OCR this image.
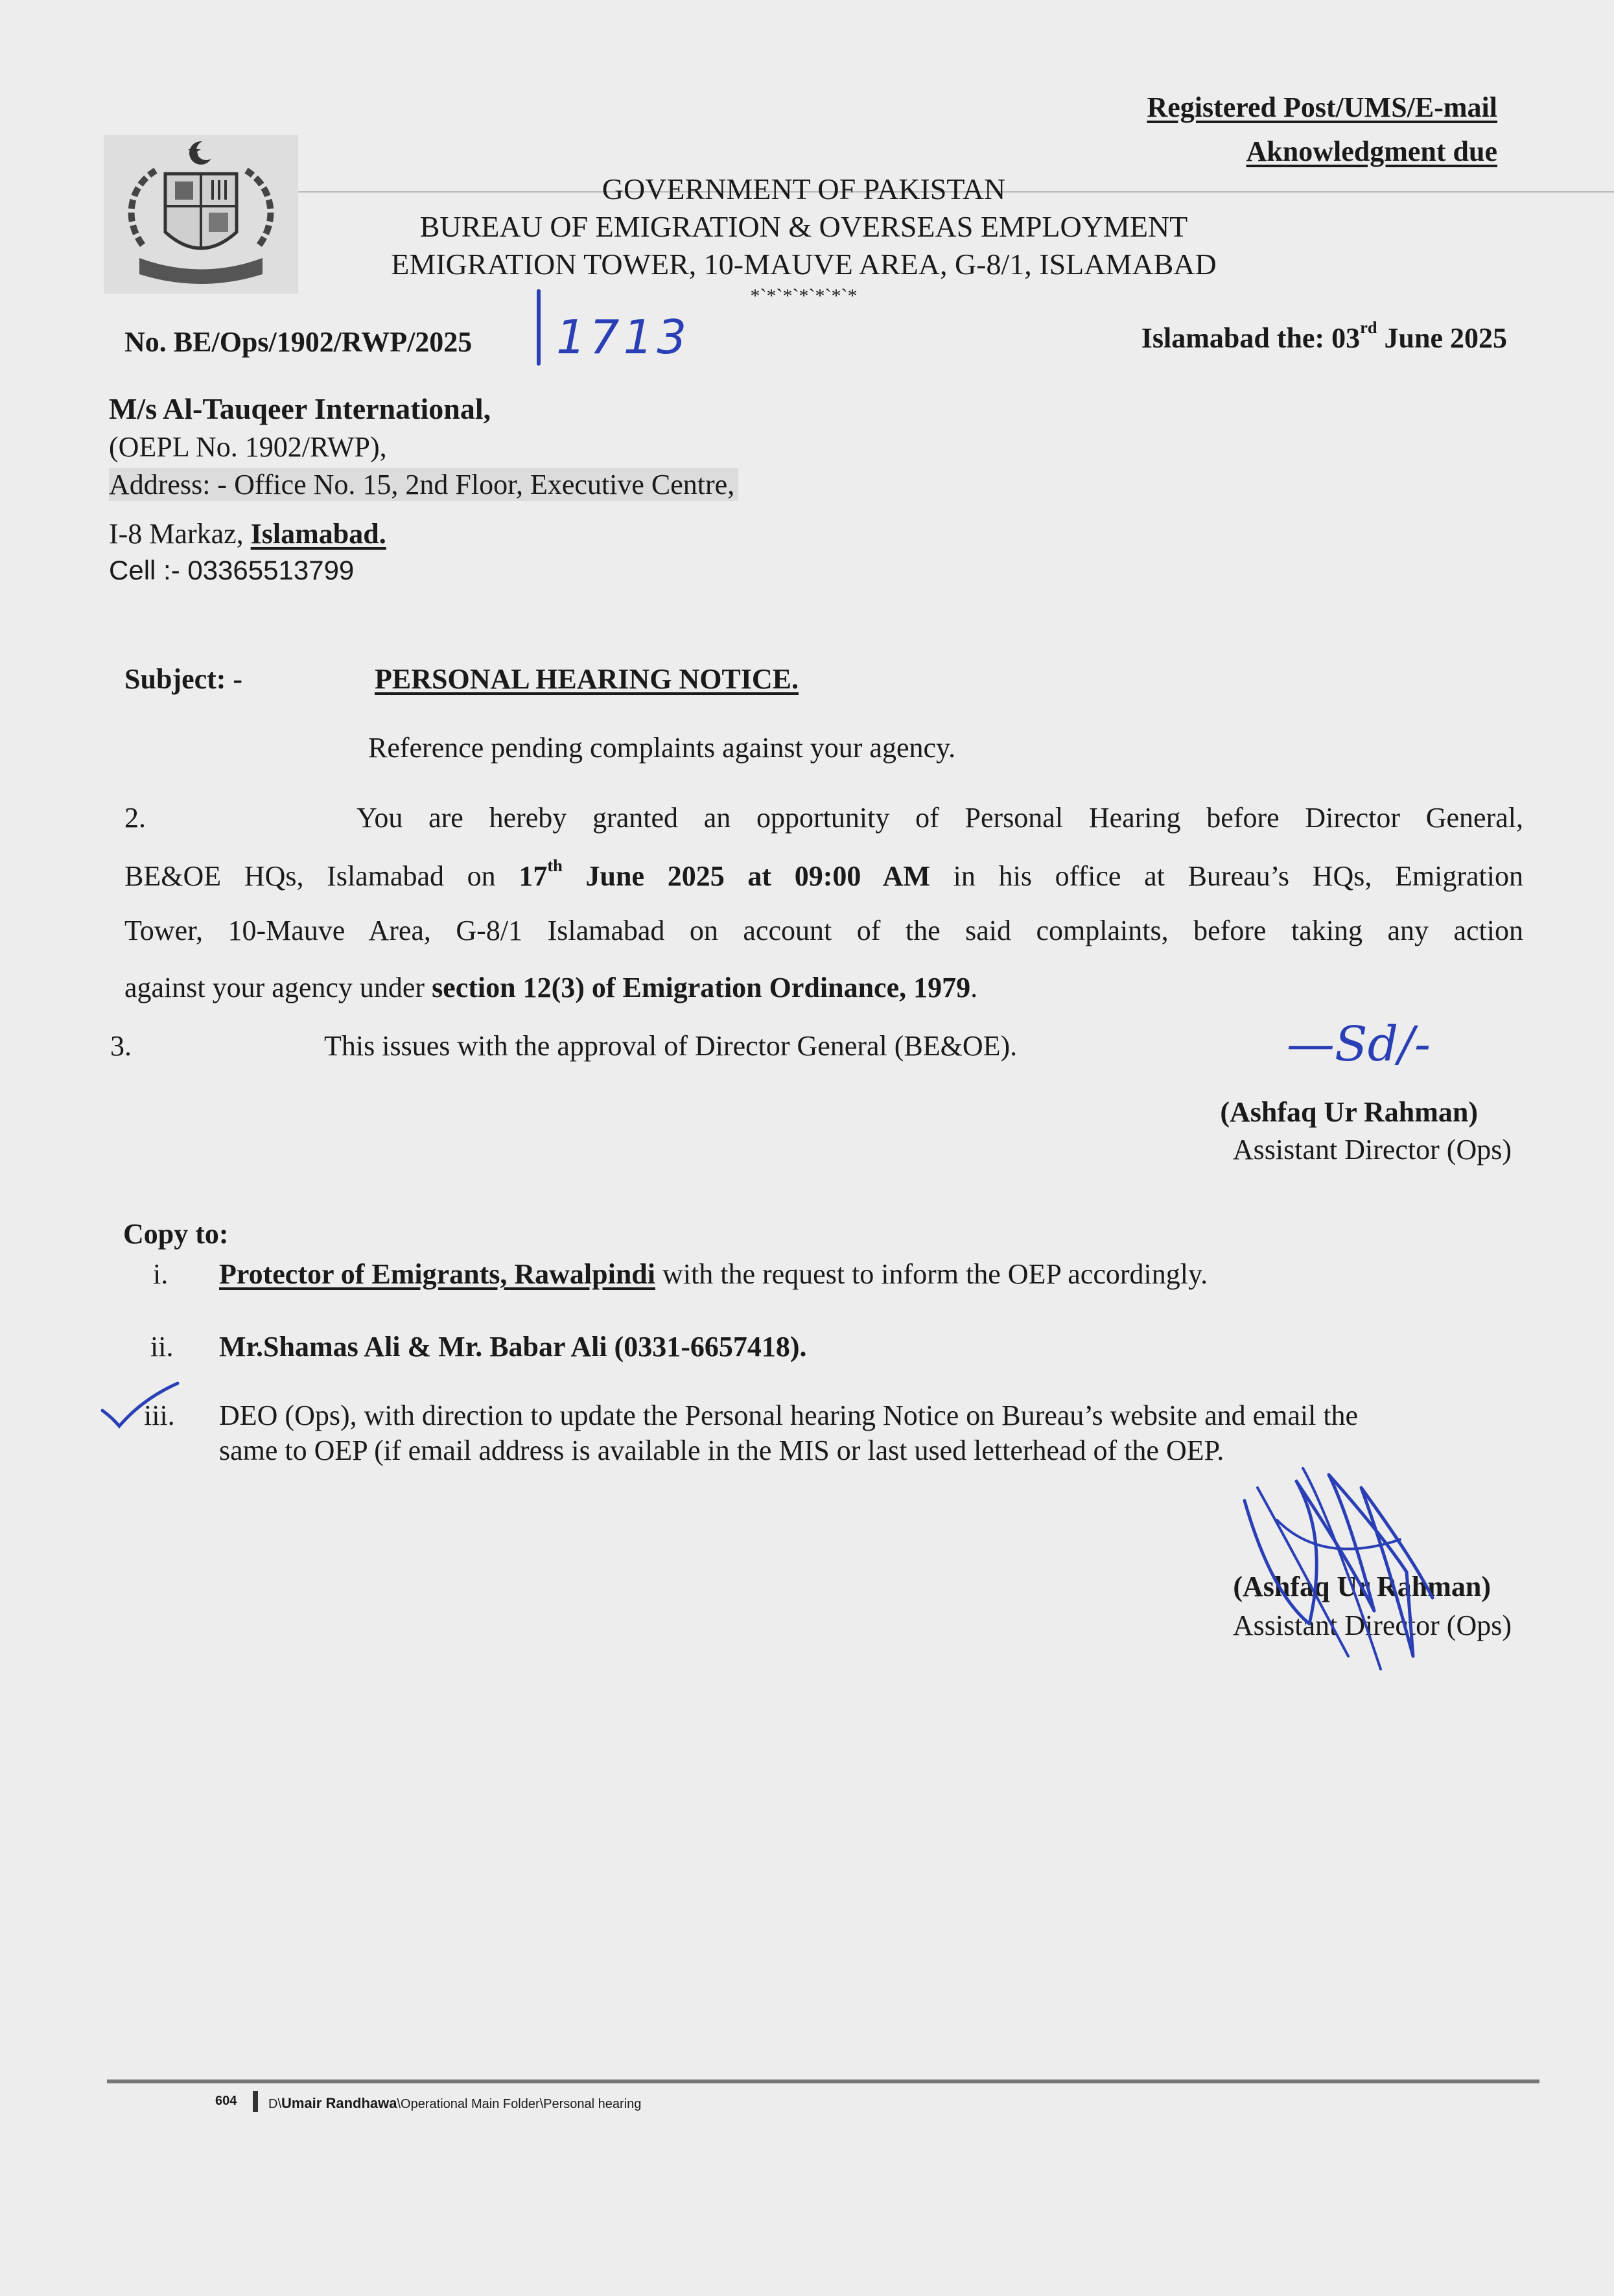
Registered Post/UMS/E-mail
Aknowledgment due
GOVERNMENT OF PAKISTAN
BUREAU OF EMIGRATION & OVERSEAS EMPLOYMENT
EMIGRATION TOWER, 10-MAUVE AREA, G-8/1, ISLAMABAD
*`*`*`*`*`*`*
No. BE/Ops/1902/RWP/2025 1713	Islamabad the: 03rd June 2025
M/s Al-Tauqeer International,
(OEPL No. 1902/RWP),
Address: - Office No. 15, 2nd Floor, Executive Centre,
I-8 Markaz, Islamabad.
Cell :- 03365513799
Subject: -	PERSONAL HEARING NOTICE.
Reference pending complaints against your agency.
2.	You are hereby granted an opportunity of Personal Hearing before Director General,
BE&OE HQs, Islamabad on 17th June 2025 at 09:00 AM in his office at Bureau’s HQs, Emigration
Tower, 10-Mauve Area, G-8/1 Islamabad on account of the said complaints, before taking any action
against your agency under section 12(3) of Emigration Ordinance, 1979.
3.	This issues with the approval of Director General (BE&OE).	—Sd/-
(Ashfaq Ur Rahman)
Assistant Director (Ops)
Copy to:
i. Protector of Emigrants, Rawalpindi with the request to inform the OEP accordingly.
ii. Mr.Shamas Ali & Mr. Babar Ali (0331-6657418).
iii. DEO (Ops), with direction to update the Personal hearing Notice on Bureau’s website and email the
same to OEP (if email address is available in the MIS or last used letterhead of the OEP.
(Ashfaq Ur Rahman)
Assistant Director (Ops)
604 D\Umair Randhawa\Operational Main Folder\Personal hearing
